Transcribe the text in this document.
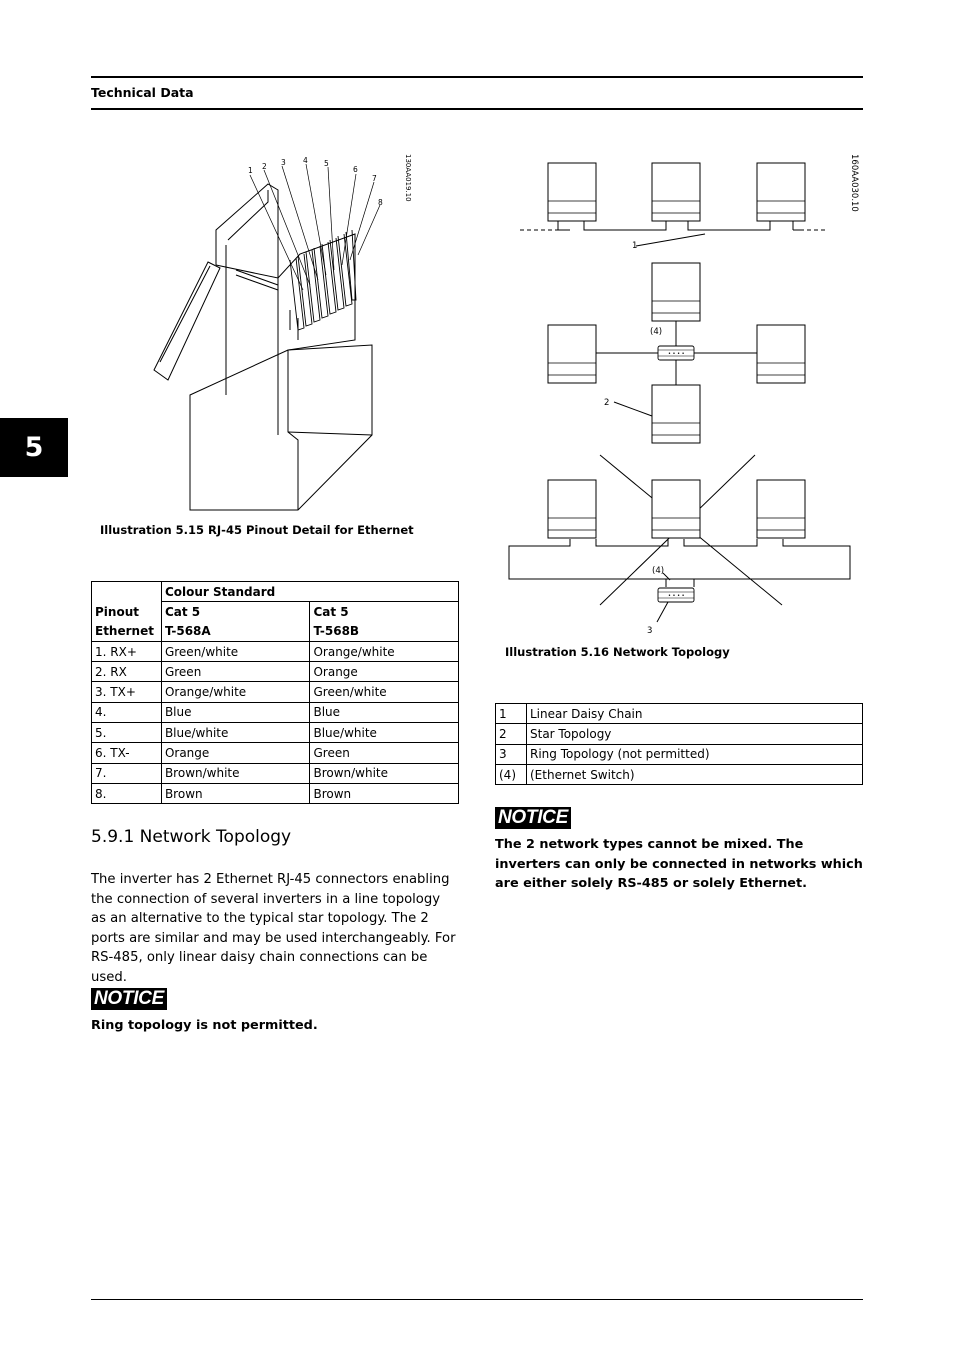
Technical Data
5
1 2 3 4 5
6
7
8
130AA019.10
Illustration 5.15 RJ-45 Pinout Detail for Ethernet
• • • •
1
2
3
(4)
(4)
160AA030.10
Illustration 5.16 Network Topology
	Colour Standard	
Pinout	Cat 5	Cat 5
Ethernet	T-568A	T-568B
1. RX+	Green/white	Orange/white
2. RX	Green	Orange
3. TX+	Orange/white	Green/white
4.	Blue	Blue
5.	Blue/white	Blue/white
6. TX-	Orange	Green
7.	Brown/white	Brown/white
8.	Brown	Brown
1	Linear Daisy Chain
2	Star Topology
3	Ring Topology (not permitted)
(4)	(Ethernet Switch)
NOTICE
The 2 network types cannot be mixed. The inverters can only be connected in networks which are either solely RS-485 or solely Ethernet.
5.9.1 Network Topology
The inverter has 2 Ethernet RJ-45 connectors enabling the connection of several inverters in a line topology as an alternative to the typical star topology. The 2 ports are similar and may be used interchangeably. For RS-485, only linear daisy chain connections can be used.
NOTICE
Ring topology is not permitted.
